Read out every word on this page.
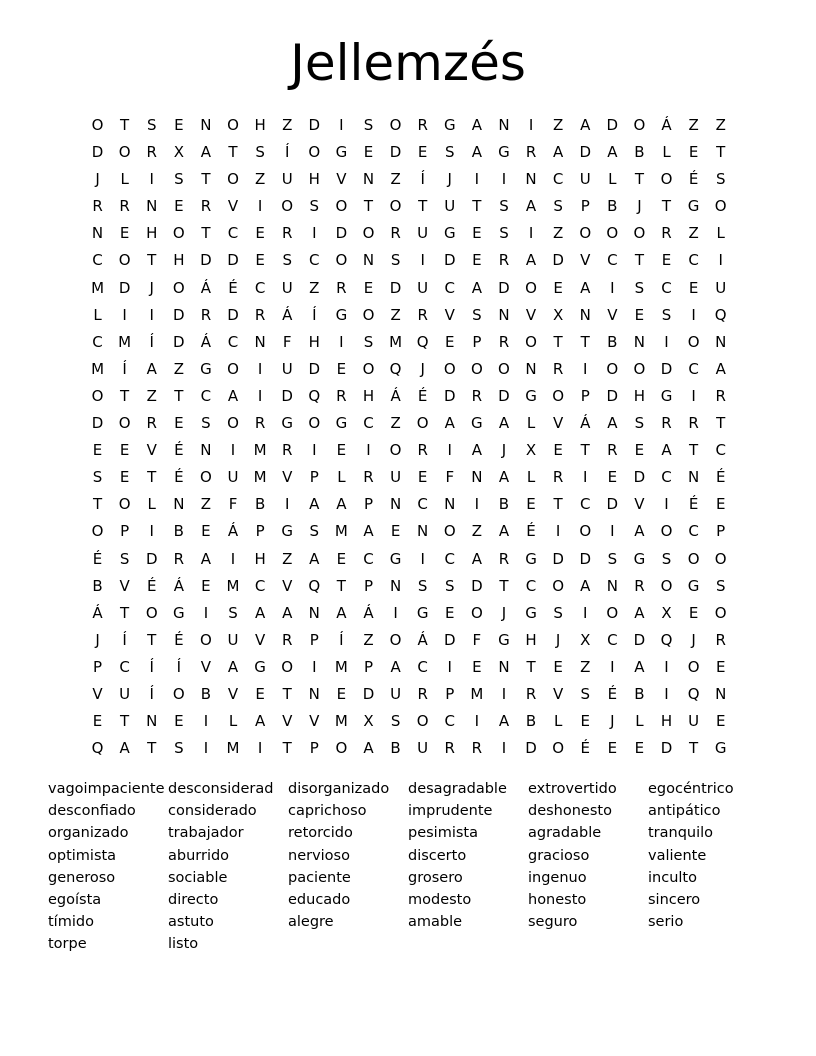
Jellemzés
O	T	S	E	N	O	H	Z	D	I	S	O	R	G	A	N	I	Z	A	D	O	Á	Z	Z
D	O	R	X	A	T	S	Í	O	G	E	D	E	S	A	G	R	A	D	A	B	L	E	T
J	L	I	S	T	O	Z	U	H	V	N	Z	Í	J	I	I	N	C	U	L	T	O	É	S
R	R	N	E	R	V	I	O	S	O	T	O	T	U	T	S	A	S	P	B	J	T	G	O
N	E	H	O	T	C	E	R	I	D	O	R	U	G	E	S	I	Z	O	O	O	R	Z	L
C	O	T	H	D	D	E	S	C	O	N	S	I	D	E	R	A	D	V	C	T	E	C	I
M D	J	O	Á	É	C	U	Z	R	E	D	U	C	A	D	O	E	A	I	S	C	E	U
L	I	I	D	R	D	R	Á	Í	G	O	Z	R	V	S	N	V	X	N	V	E	S	I	Q
C	M	Í	D	Á	C	N	F	H	I	S	M Q	E	P	R	O	T	T	B	N	I	O	N
M	Í	A	Z	G	O	I	U	D	E	O	Q	J	O	O	O	N	R	I	O	O	D	C	A
O	T	Z	T	C	A	I	D	Q	R	H	Á	É	D	R	D	G	O	P	D	H	G	I	R
D	O	R	E	S	O	R	G	O	G	C	Z	O	A	G	A	L	V	Á	A	S	R	R	T
E	E	V	É	N	I	M	R	I	E	I	O	R	I	A	J	X	E	T	R	E	A	T	C
S	E	T	É	O	U	M	V	P	L	R	U	E	F	N	A	L	R	I	E	D	C	N	É
T	O	L	N	Z	F	B	I	A	A	P	N	C	N	I	B	E	T	C	D	V	I	É	E
O	P	I	B	E	Á	P	G	S	M	A	E	N	O	Z	A	É	I	O	I	A	O	C	P
É	S	D	R	A	I	H	Z	A	E	C	G	I	C	A	R	G	D	D	S	G	S	O	O
B	V	É	Á	E	M	C	V	Q	T	P	N	S	S	D	T	C	O	A	N	R	O	G	S
Á	T	O	G	I	S	A	A	N	A	Á	I	G	E	O	J	G	S	I	O	A	X	E	O
J	Í	T	É	O	U	V	R	P	Í	Z	O	Á	D	F	G	H	J	X	C	D	Q	J	R
P	C	Í	Í	V	A	G	O	I	M	P	A	C	I	E	N	T	E	Z	I	A	I	O	E
V	U	Í	O	B	V	E	T	N	E	D	U	R	P	M	I	R	V	S	É	B	I	Q	N
E	T	N	E	I	L	A	V	V	M	X	S	O	C	I	A	B	L	E	J	L	H	U	E
Q	A	T	S	I	M	I	T	P	O	A	B	U	R	R	I	D	O	É	E	E	D	T	G
vagoimpaciente desconsiderad	disorganizado	desagradable	extrovertido	egocéntrico
desconfiado	considerado	caprichoso	imprudente	deshonesto	antipático
organizado	trabajador	retorcido	pesimista	agradable	tranquilo
optimista	aburrido	nervioso	discerto	gracioso	valiente
generoso	sociable	paciente	grosero	ingenuo	inculto
egoísta	directo	educado	modesto	honesto	sincero
tímido	astuto	alegre	amable	seguro	serio
torpe	listo
